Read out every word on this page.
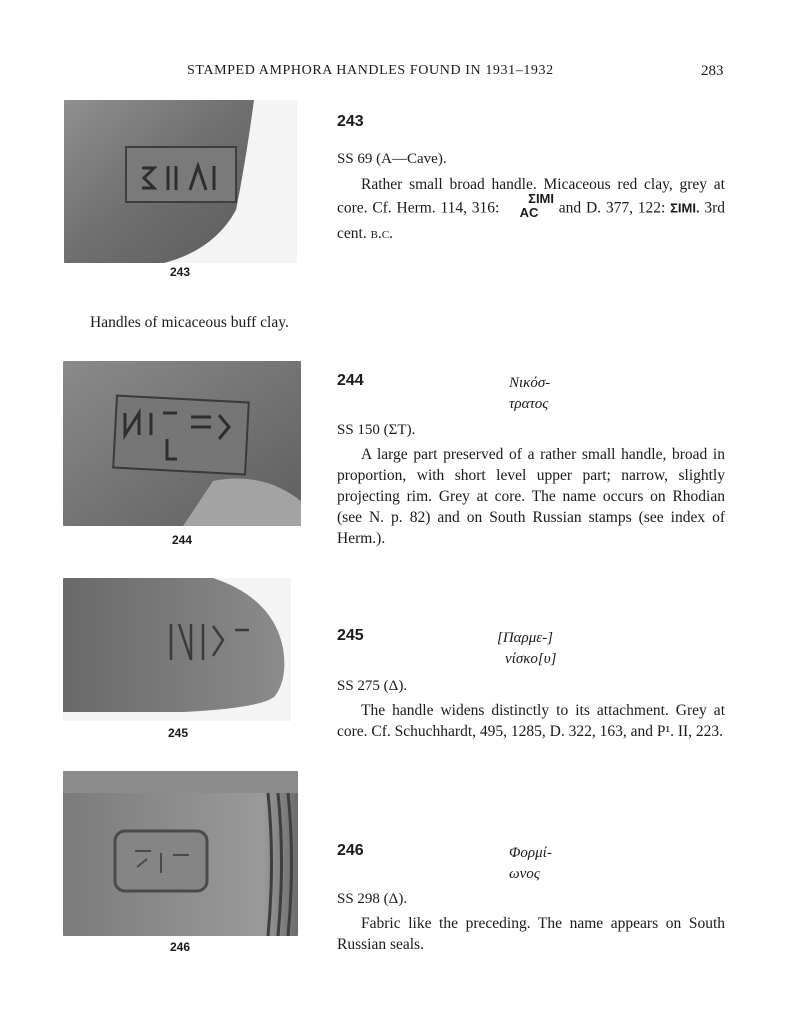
STAMPED AMPHORA HANDLES FOUND IN 1931–1932	283
243
243
SS 69 (A—Cave).
Rather small broad handle. Micaceous red clay, grey at core. Cf. Herm. 114, 316: ΣΙΜΙ
AC and D. 377, 122: ΣΙΜΙ. 3rd cent. b.c.
Handles of micaceous buff clay.
244
244	Νικόσ-
τρατος
SS 150 (ΣΤ).
A large part preserved of a rather small handle, broad in proportion, with short level upper part; narrow, slightly projecting rim. Grey at core. The name occurs on Rhodian (see N. p. 82) and on South Russian stamps (see index of Herm.).
245
245	[Παρμε-]
νίσκο[υ]
SS 275 (Δ).
The handle widens distinctly to its attachment. Grey at core. Cf. Schuchhardt, 495, 1285, D. 322, 163, and P¹. II, 223.
246
246	Φορμί-
ωνος
SS 298 (Δ).
Fabric like the preceding. The name appears on South Russian seals.
